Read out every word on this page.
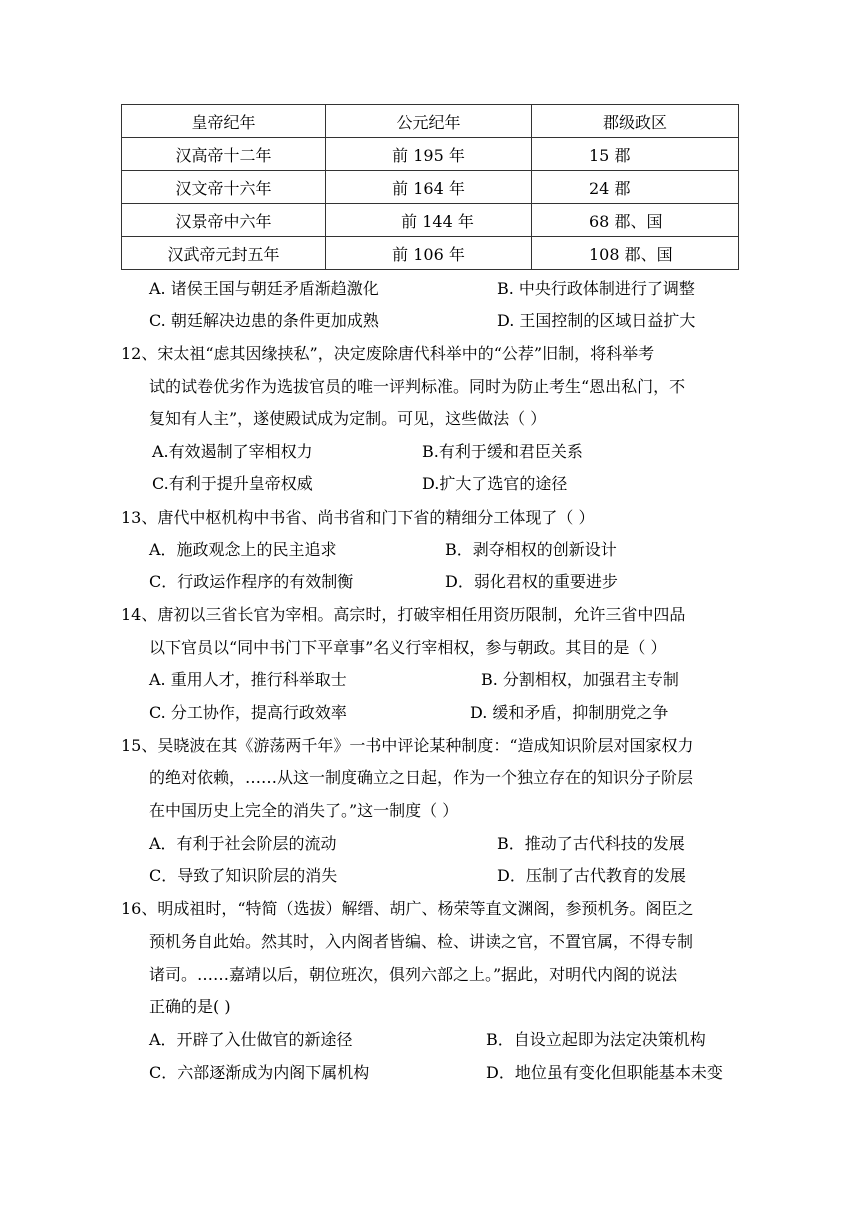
皇帝纪年	公元纪年	郡级政区
汉高帝十二年	前 195 年	15 郡
汉文帝十六年	前 164 年	24 郡
汉景帝中六年	前 144 年	68 郡、国
汉武帝元封五年	前 106 年	108 郡、国
A. 诸侯王国与朝廷矛盾渐趋激化	B. 中央行政体制进行了调整
C. 朝廷解决边患的条件更加成熟	D. 王国控制的区域日益扩大
12、宋太祖“虑其因缘挟私”，决定废除唐代科举中的“公荐”旧制，将科举考
试的试卷优劣作为选拔官员的唯一评判标准。同时为防止考生“恩出私门，不
复知有人主”，遂使殿试成为定制。可见，这些做法（ ）
A.有效遏制了宰相权力	B.有利于缓和君臣关系
C.有利于提升皇帝权威	D.扩大了选官的途径
13、唐代中枢机构中书省、尚书省和门下省的精细分工体现了（ ）
A．施政观念上的民主追求	B．剥夺相权的创新设计
C．行政运作程序的有效制衡	D．弱化君权的重要进步
14、唐初以三省长官为宰相。高宗时，打破宰相任用资历限制，允许三省中四品
以下官员以“同中书门下平章事”名义行宰相权，参与朝政。其目的是（ ）
A. 重用人才，推行科举取士	B. 分割相权，加强君主专制
C. 分工协作，提高行政效率	D. 缓和矛盾，抑制朋党之争
15、吴晓波在其《游荡两千年》一书中评论某种制度：“造成知识阶层对国家权力
的绝对依赖，……从这一制度确立之日起，作为一个独立存在的知识分子阶层
在中国历史上完全的消失了。”这一制度（ ）
A．有利于社会阶层的流动	B．推动了古代科技的发展
C．导致了知识阶层的消失	D．压制了古代教育的发展
16、明成祖时，“特简（选拔）解缙、胡广、杨荣等直文渊阁，参预机务。阁臣之
预机务自此始。然其时，入内阁者皆编、检、讲读之官，不置官属，不得专制
诸司。……嘉靖以后，朝位班次，俱列六部之上。”据此，对明代内阁的说法
正确的是( )
A．开辟了入仕做官的新途径	B．自设立起即为法定决策机构
C．六部逐渐成为内阁下属机构	D．地位虽有变化但职能基本未变
